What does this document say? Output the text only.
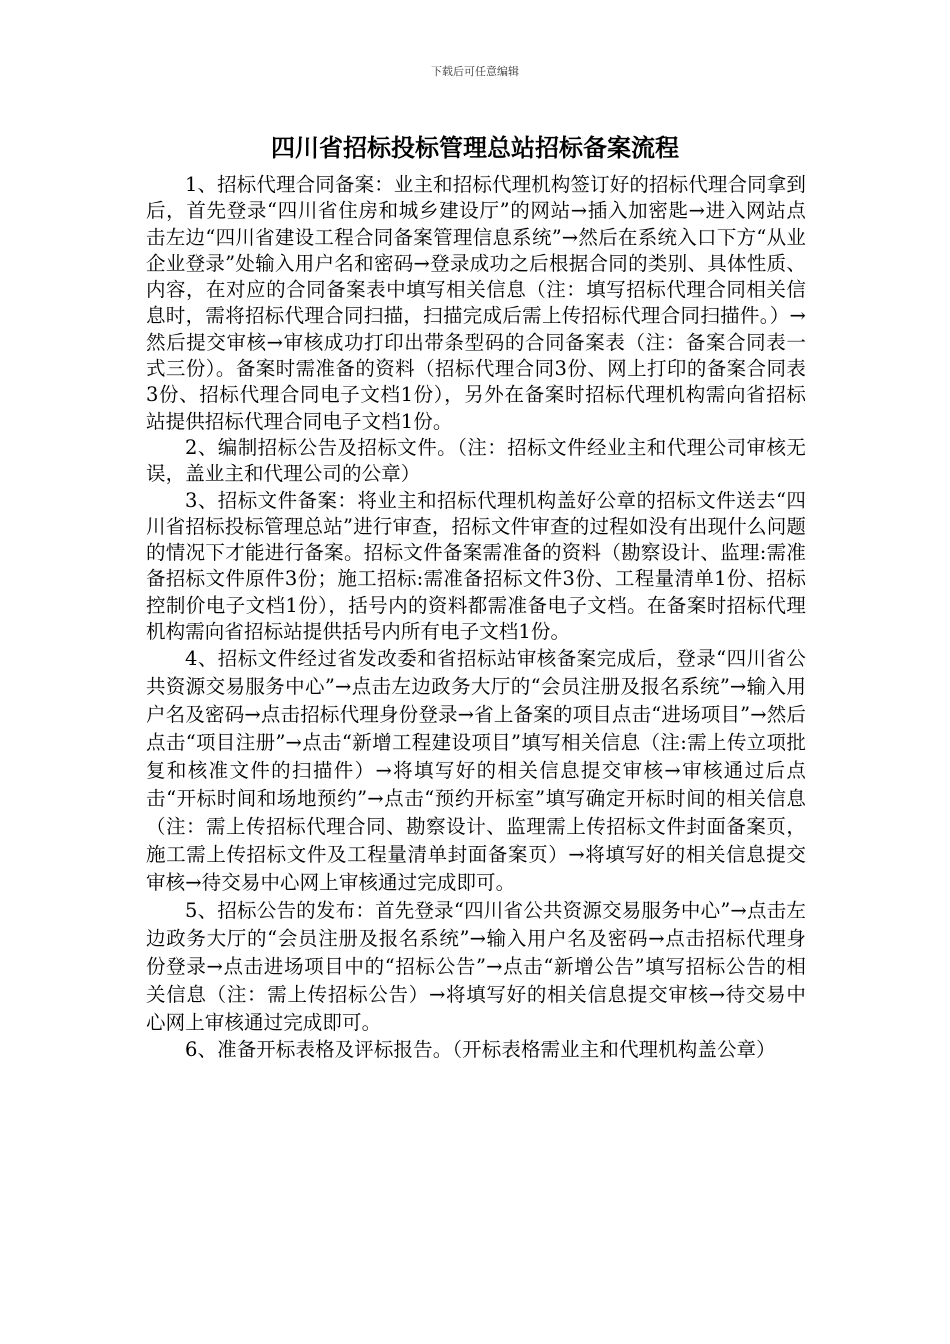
下载后可任意编辑
四川省招标投标管理总站招标备案流程

1、招标代理合同备案：业主和招标代理机构签订好的招标代理合同拿到后，首先登录“四川省住房和城乡建设厅”的网站→插入加密匙→进入网站点击左边“四川省建设工程合同备案管理信息系统”→然后在系统入口下方“从业企业登录”处输入用户名和密码→登录成功之后根据合同的类别、具体性质、内容，在对应的合同备案表中填写相关信息（注：填写招标代理合同相关信息时，需将招标代理合同扫描，扫描完成后需上传招标代理合同扫描件。）→然后提交审核→审核成功打印出带条型码的合同备案表（注：备案合同表一式三份）。备案时需准备的资料（招标代理合同3份、网上打印的备案合同表3份、招标代理合同电子文档1份），另外在备案时招标代理机构需向省招标站提供招标代理合同电子文档1份。

2、编制招标公告及招标文件。（注：招标文件经业主和代理公司审核无误，盖业主和代理公司的公章）

3、招标文件备案：将业主和招标代理机构盖好公章的招标文件送去“四川省招标投标管理总站”进行审查，招标文件审查的过程如没有出现什么问题的情况下才能进行备案。招标文件备案需准备的资料（勘察设计、监理:需准备招标文件原件3份；施工招标:需准备招标文件3份、工程量清单1份、招标控制价电子文档1份），括号内的资料都需准备电子文档。在备案时招标代理机构需向省招标站提供括号内所有电子文档1份。

4、招标文件经过省发改委和省招标站审核备案完成后，登录“四川省公共资源交易服务中心”→点击左边政务大厅的“会员注册及报名系统”→输入用户名及密码→点击招标代理身份登录→省上备案的项目点击“进场项目”→然后点击“项目注册”→点击“新增工程建设项目”填写相关信息（注:需上传立项批复和核准文件的扫描件）→将填写好的相关信息提交审核→审核通过后点击“开标时间和场地预约”→点击“预约开标室”填写确定开标时间的相关信息（注：需上传招标代理合同、勘察设计、监理需上传招标文件封面备案页，施工需上传招标文件及工程量清单封面备案页）→将填写好的相关信息提交审核→待交易中心网上审核通过完成即可。

5、招标公告的发布：首先登录“四川省公共资源交易服务中心”→点击左边政务大厅的“会员注册及报名系统”→输入用户名及密码→点击招标代理身份登录→点击进场项目中的“招标公告”→点击“新增公告”填写招标公告的相关信息（注：需上传招标公告）→将填写好的相关信息提交审核→待交易中心网上审核通过完成即可。

6、准备开标表格及评标报告。（开标表格需业主和代理机构盖公章）
